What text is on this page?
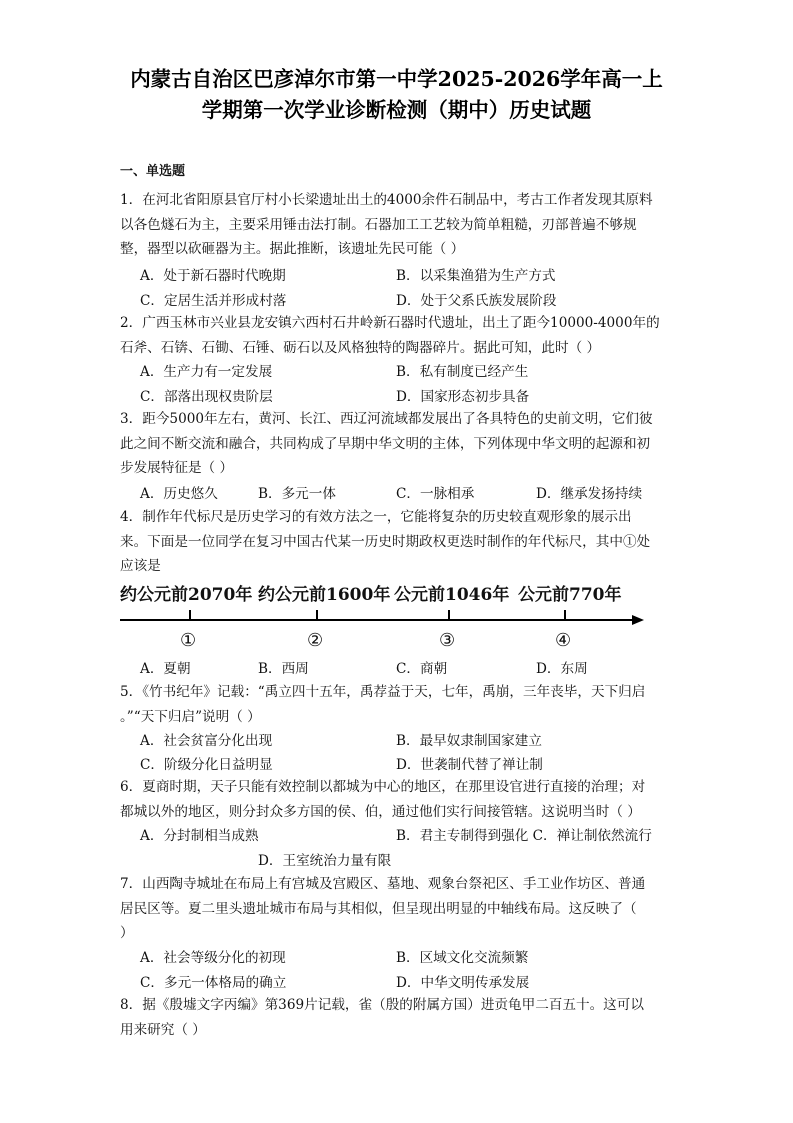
内蒙古自治区巴彦淖尔市第一中学2025-2026学年高一上
学期第一次学业诊断检测（期中）历史试题
一、单选题
1．在河北省阳原县官厅村小长梁遗址出土的4000余件石制品中，考古工作者发现其原料
以各色燧石为主，主要采用锤击法打制。石器加工工艺较为简单粗糙，刃部普遍不够规
整，器型以砍砸器为主。据此推断，该遗址先民可能（ ）
A．处于新石器时代晚期	B．以采集渔猎为生产方式
C．定居生活并形成村落	D．处于父系氏族发展阶段
2．广西玉林市兴业县龙安镇六西村石井岭新石器时代遗址，出土了距今10000-4000年的
石斧、石锛、石锄、石锤、砺石以及风格独特的陶器碎片。据此可知，此时（ ）
A．生产力有一定发展	B．私有制度已经产生
C．部落出现权贵阶层	D．国家形态初步具备
3．距今5000年左右，黄河、长江、西辽河流域都发展出了各具特色的史前文明，它们彼
此之间不断交流和融合，共同构成了早期中华文明的主体，下列体现中华文明的起源和初
步发展特征是（ ）
A．历史悠久	B．多元一体	C．一脉相承	D．继承发扬持续
4．制作年代标尺是历史学习的有效方法之一，它能将复杂的历史较直观形象的展示出
来。下面是一位同学在复习中国古代某一历史时期政权更迭时制作的年代标尺，其中①处
应该是
约公元前2070年 约公元前1600年 公元前1046年 公元前770年
①	②	③	④
A．夏朝	B．西周	C．商朝	D．东周
5．《竹书纪年》记载：“禹立四十五年，禹荐益于天，七年，禹崩，三年丧毕，天下归启
。”“天下归启”说明（ ）
A．社会贫富分化出现	B．最早奴隶制国家建立
C．阶级分化日益明显	D．世袭制代替了禅让制
6．夏商时期，天子只能有效控制以都城为中心的地区，在那里设官进行直接的治理；对
都城以外的地区，则分封众多方国的侯、伯，通过他们实行间接管辖。这说明当时（ ）
A．分封制相当成熟	B．君主专制得到强化 C．禅让制依然流行
D．王室统治力量有限
7．山西陶寺城址在布局上有宫城及宫殿区、墓地、观象台祭祀区、手工业作坊区、普通
居民区等。夏二里头遗址城市布局与其相似，但呈现出明显的中轴线布局。这反映了（
）
A．社会等级分化的初现	B．区域文化交流频繁
C．多元一体格局的确立	D．中华文明传承发展
8．据《殷墟文字丙编》第369片记载，雀（殷的附属方国）进贡龟甲二百五十。这可以
用来研究（ ）
